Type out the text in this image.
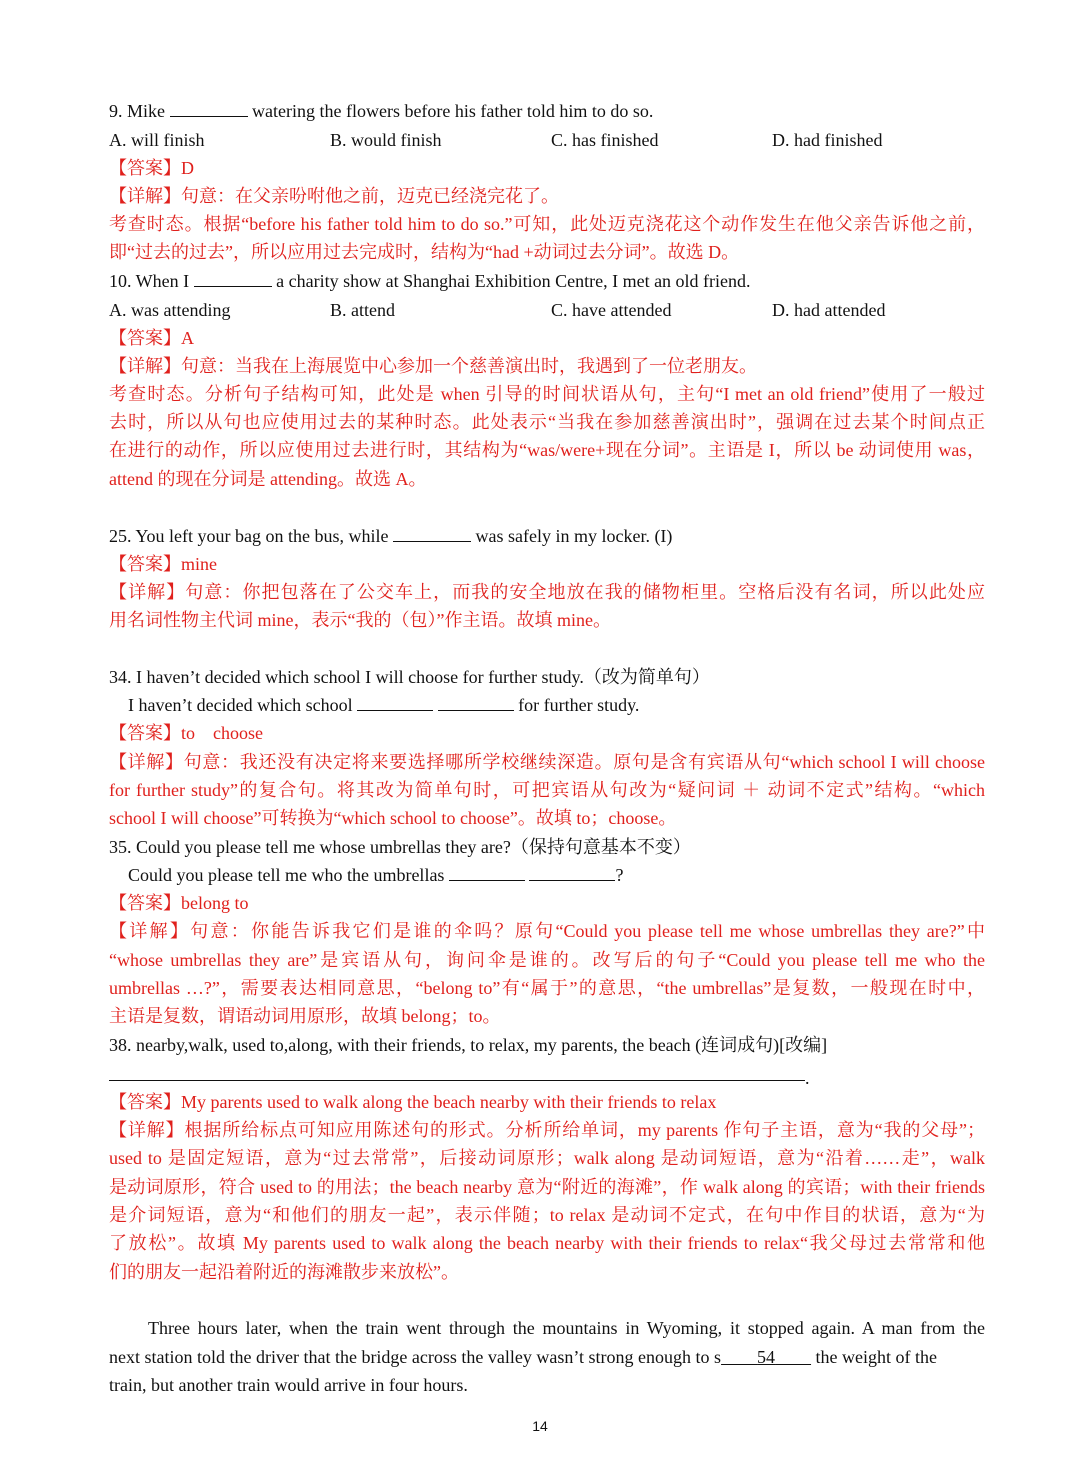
9. Mike	watering the flowers before his father told him to do so.
A. will finish	B. would finish	C. has finished	D. had finished
【答案】D
【详解】句意：在父亲吩咐他之前，迈克已经浇完花了。
考查时态。根据“before his father told him to do so.”可知，此处迈克浇花这个动作发生在他父亲告诉他之前，
即“过去的过去”，所以应用过去完成时，结构为“had +动词过去分词”。故选 D。
10. When I	a charity show at Shanghai Exhibition Centre, I met an old friend.
A. was attending	B. attend	C. have attended	D. had attended
【答案】A
【详解】句意：当我在上海展览中心参加一个慈善演出时，我遇到了一位老朋友。
考查时态。分析句子结构可知，此处是 when 引导的时间状语从句，主句“I met an old friend”使用了一般过
去时，所以从句也应使用过去的某种时态。此处表示“当我在参加慈善演出时”，强调在过去某个时间点正
在进行的动作，所以应使用过去进行时，其结构为“was/were+现在分词”。主语是 I，所以 be 动词使用 was，
attend 的现在分词是 attending。故选 A。
25. You left your bag on the bus, while	was safely in my locker. (I)
【答案】mine
【详解】句意：你把包落在了公交车上，而我的安全地放在我的储物柜里。空格后没有名词，所以此处应
用名词性物主代词 mine，表示“我的（包）”作主语。故填 mine。
34. I haven’t decided which school I will choose for further study.（改为简单句）
I haven’t decided which school	for further study.
【答案】to　choose
【详解】句意：我还没有决定将来要选择哪所学校继续深造。原句是含有宾语从句“which school I will choose
for further study”的复合句。将其改为简单句时，可把宾语从句改为“疑问词 ＋ 动词不定式”结构。“which
school I will choose”可转换为“which school to choose”。故填 to；choose。
35. Could you please tell me whose umbrellas they are?（保持句意基本不变）
Could you please tell me who the umbrellas	?
【答案】belong to
【详解】句意：你能告诉我它们是谁的伞吗？原句“Could you please tell me whose umbrellas they are?”中
“whose umbrellas they are”是宾语从句，询问伞是谁的。改写后的句子“Could you please tell me who the
umbrellas …?”，需要表达相同意思，“belong to”有“属于”的意思，“the umbrellas”是复数，一般现在时中，
主语是复数，谓语动词用原形，故填 belong；to。
38. nearby,walk, used to,along, with their friends, to relax, my parents, the beach (连词成句)[改编]
.
【答案】My parents used to walk along the beach nearby with their friends to relax
【详解】根据所给标点可知应用陈述句的形式。分析所给单词，my parents 作句子主语，意为“我的父母”；
used to 是固定短语，意为“过去常常”，后接动词原形；walk along 是动词短语，意为“沿着……走”，walk
是动词原形，符合 used to 的用法；the beach nearby 意为“附近的海滩”，作 walk along 的宾语；with their friends
是介词短语，意为“和他们的朋友一起”，表示伴随；to relax 是动词不定式，在句中作目的状语，意为“为
了放松”。故填 My parents used to walk along the beach nearby with their friends to relax“我父母过去常常和他
们的朋友一起沿着附近的海滩散步来放松”。
Three hours later, when the train went through the mountains in Wyoming, it stopped again. A man from the
next station told the driver that the bridge across the valley wasn’t strong enough to s 54 the weight of the
train, but another train would arrive in four hours.
14
